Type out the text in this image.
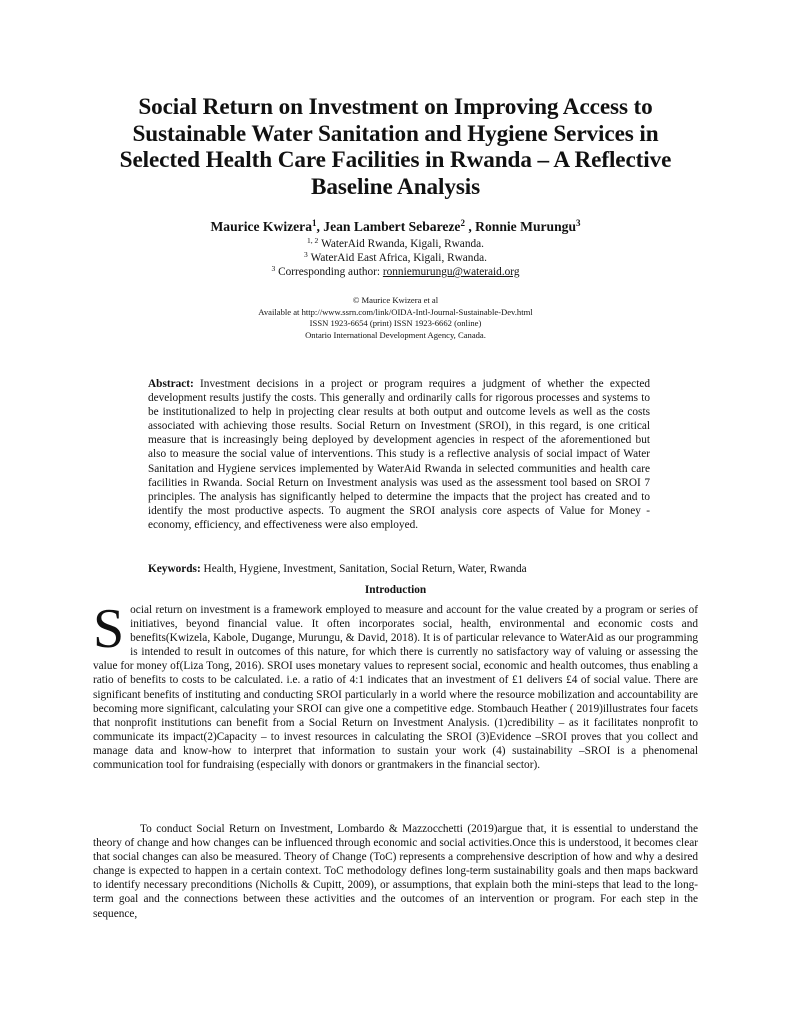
Social Return on Investment on Improving Access to Sustainable Water Sanitation and Hygiene Services in Selected Health Care Facilities in Rwanda – A Reflective Baseline Analysis
Maurice Kwizera$^1$, Jean Lambert Sebareze$^2$ , Ronnie Murungu$^3$
$^{1, 2}$ WaterAid Rwanda, Kigali, Rwanda.
$^3$ WaterAid East Africa, Kigali, Rwanda.
$^3$ Corresponding author: ronniemurungu@wateraid.org
© Maurice Kwizera et al
Available at http://www.ssrn.com/link/OIDA-Intl-Journal-Sustainable-Dev.html
ISSN 1923-6654 (print) ISSN 1923-6662 (online)
Ontario International Development Agency, Canada.
Abstract: Investment decisions in a project or program requires a judgment of whether the expected development results justify the costs. This generally and ordinarily calls for rigorous processes and systems to be institutionalized to help in projecting clear results at both output and outcome levels as well as the costs associated with achieving those results. Social Return on Investment (SROI), in this regard, is one critical measure that is increasingly being deployed by development agencies in respect of the aforementioned but also to measure the social value of interventions. This study is a reflective analysis of social impact of Water Sanitation and Hygiene services implemented by WaterAid Rwanda in selected communities and health care facilities in Rwanda. Social Return on Investment analysis was used as the assessment tool based on SROI 7 principles. The analysis has significantly helped to determine the impacts that the project has created and to identify the most productive aspects. To augment the SROI analysis core aspects of Value for Money - economy, efficiency, and effectiveness were also employed.
Keywords: Health, Hygiene, Investment, Sanitation, Social Return, Water, Rwanda
Introduction
Social return on investment is a framework employed to measure and account for the value created by a program or series of initiatives, beyond financial value. It often incorporates social, health, environmental and economic costs and benefits(Kwizela, Kabole, Dugange, Murungu, & David, 2018). It is of particular relevance to WaterAid as our programming is intended to result in outcomes of this nature, for which there is currently no satisfactory way of valuing or assessing the value for money of(Liza Tong, 2016). SROI uses monetary values to represent social, economic and health outcomes, thus enabling a ratio of benefits to costs to be calculated. i.e. a ratio of 4:1 indicates that an investment of £1 delivers £4 of social value. There are significant benefits of instituting and conducting SROI particularly in a world where the resource mobilization and accountability are becoming more significant, calculating your SROI can give one a competitive edge. Stombauch Heather ( 2019)illustrates four facets that nonprofit institutions can benefit from a Social Return on Investment Analysis. (1)credibility – as it facilitates nonprofit to communicate its impact(2)Capacity – to invest resources in calculating the SROI (3)Evidence –SROI proves that you collect and manage data and know-how to interpret that information to sustain your work (4) sustainability –SROI is a phenomenal communication tool for fundraising (especially with donors or grantmakers in the financial sector).
To conduct Social Return on Investment, Lombardo & Mazzocchetti (2019)argue that, it is essential to understand the theory of change and how changes can be influenced through economic and social activities.Once this is understood, it becomes clear that social changes can also be measured. Theory of Change (ToC) represents a comprehensive description of how and why a desired change is expected to happen in a certain context. ToC methodology defines long-term sustainability goals and then maps backward to identify necessary preconditions (Nicholls & Cupitt, 2009), or assumptions, that explain both the mini-steps that lead to the long-term goal and the connections between these activities and the outcomes of an intervention or program. For each step in the sequence,
